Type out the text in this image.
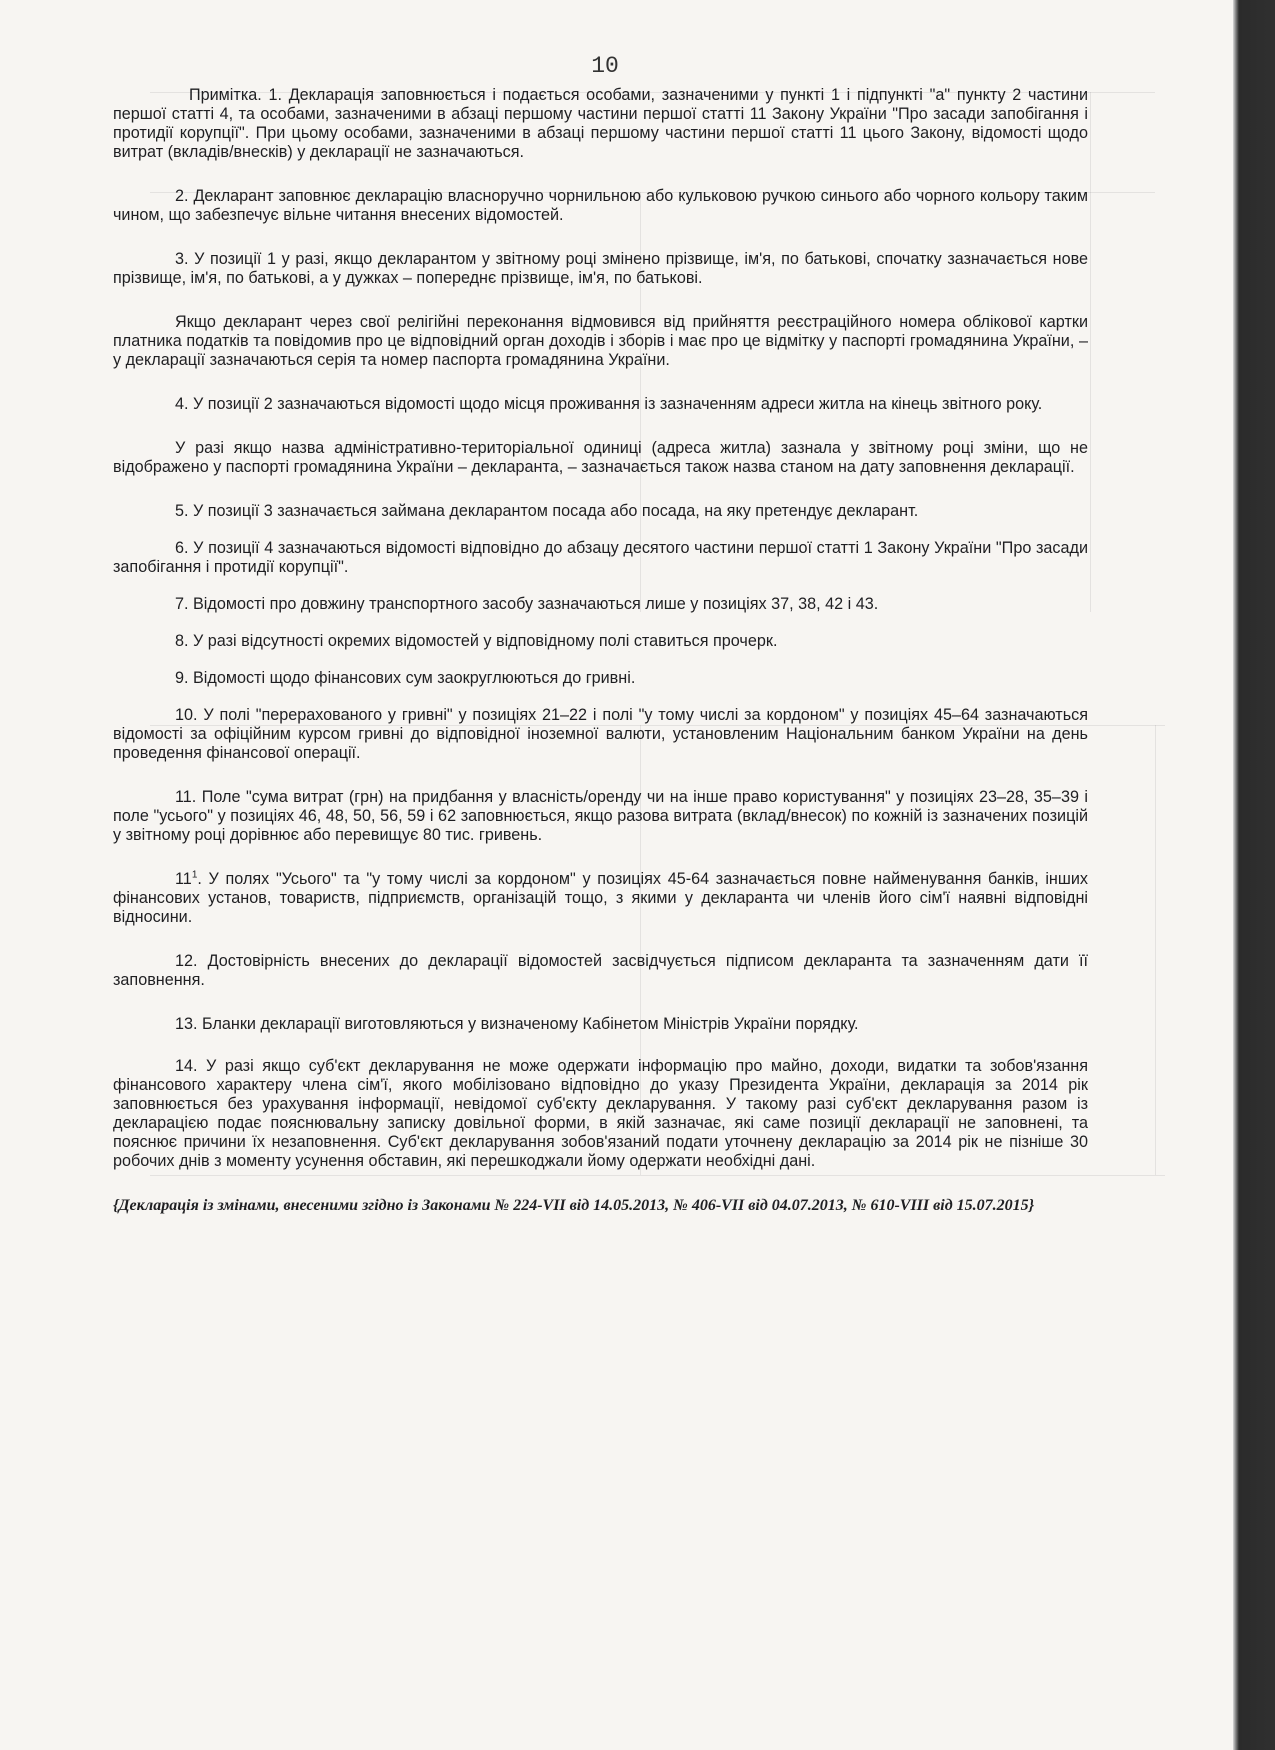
10

Примітка. 1. Декларація заповнюється і подається особами, зазначеними у пункті 1 і підпункті "а" пункту 2 частини першої статті 4, та особами, зазначеними в абзаці першому частини першої статті 11 Закону України "Про засади запобігання і протидії корупції". При цьому особами, зазначеними в абзаці першому частини першої статті 11 цього Закону, відомості щодо витрат (вкладів/внесків) у декларації не зазначаються.

2. Декларант заповнює декларацію власноручно чорнильною або кульковою ручкою синього або чорного кольору таким чином, що забезпечує вільне читання внесених відомостей.

3. У позиції 1 у разі, якщо декларантом у звітному році змінено прізвище, ім'я, по батькові, спочатку зазначається нове прізвище, ім'я, по батькові, а у дужках – попереднє прізвище, ім'я, по батькові.

Якщо декларант через свої релігійні переконання відмовився від прийняття реєстраційного номера облікової картки платника податків та повідомив про це відповідний орган доходів і зборів і має про це відмітку у паспорті громадянина України, – у декларації зазначаються серія та номер паспорта громадянина України.

4. У позиції 2 зазначаються відомості щодо місця проживання із зазначенням адреси житла на кінець звітного року.

У разі якщо назва адміністративно-територіальної одиниці (адреса житла) зазнала у звітному році зміни, що не відображено у паспорті громадянина України – декларанта, – зазначається також назва станом на дату заповнення декларації.

5. У позиції 3 зазначається займана декларантом посада або посада, на яку претендує декларант.

6. У позиції 4 зазначаються відомості відповідно до абзацу десятого частини першої статті 1 Закону України "Про засади запобігання і протидії корупції".

7. Відомості про довжину транспортного засобу зазначаються лише у позиціях 37, 38, 42 і 43.

8. У разі відсутності окремих відомостей у відповідному полі ставиться прочерк.

9. Відомості щодо фінансових сум заокруглюються до гривні.

10. У полі "перерахованого у гривні" у позиціях 21–22 і полі "у тому числі за кордоном" у позиціях 45–64 зазначаються відомості за офіційним курсом гривні до відповідної іноземної валюти, установленим Національним банком України на день проведення фінансової операції.

11. Поле "сума витрат (грн) на придбання у власність/оренду чи на інше право користування" у позиціях 23–28, 35–39 і поле "усього" у позиціях 46, 48, 50, 56, 59 і 62 заповнюється, якщо разова витрата (вклад/внесок) по кожній із зазначених позицій у звітному році дорівнює або перевищує 80 тис. гривень.

$11^1$. У полях "Усього" та "у тому числі за кордоном" у позиціях 45-64 зазначається повне найменування банків, інших фінансових установ, товариств, підприємств, організацій тощо, з якими у декларанта чи членів його сім'ї наявні відповідні відносини.

12. Достовірність внесених до декларації відомостей засвідчується підписом декларанта та зазначенням дати її заповнення.

13. Бланки декларації виготовляються у визначеному Кабінетом Міністрів України порядку.

14. У разі якщо суб'єкт декларування не може одержати інформацію про майно, доходи, видатки та зобов'язання фінансового характеру члена сім'ї, якого мобілізовано відповідно до указу Президента України, декларація за 2014 рік заповнюється без урахування інформації, невідомої суб'єкту декларування. У такому разі суб'єкт декларування разом із декларацією подає пояснювальну записку довільної форми, в якій зазначає, які саме позиції декларації не заповнені, та пояснює причини їх незаповнення. Суб'єкт декларування зобов'язаний подати уточнену декларацію за 2014 рік не пізніше 30 робочих днів з моменту усунення обставин, які перешкоджали йому одержати необхідні дані.

{Декларація із змінами, внесеними згідно із Законами № 224-VII від 14.05.2013, № 406-VII від 04.07.2013, № 610-VIII від 15.07.2015}
